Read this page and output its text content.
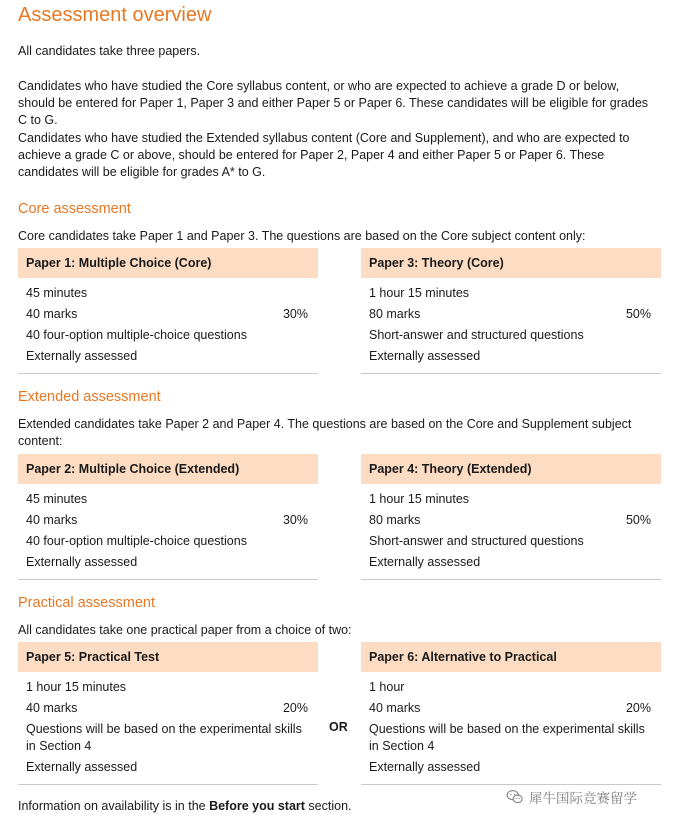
Assessment overview

All candidates take three papers.

Candidates who have studied the Core syllabus content, or who are expected to achieve a grade D or below, should be entered for Paper 1, Paper 3 and either Paper 5 or Paper 6. These candidates will be eligible for grades C to G.

Candidates who have studied the Extended syllabus content (Core and Supplement), and who are expected to achieve a grade C or above, should be entered for Paper 2, Paper 4 and either Paper 5 or Paper 6. These candidates will be eligible for grades A* to G.

Core assessment

Core candidates take Paper 1 and Paper 3. The questions are based on the Core subject content only:

Paper 1: Multiple Choice (Core)
45 minutes
40 marks	30%
40 four-option multiple-choice questions
Externally assessed
Paper 3: Theory (Core)
1 hour 15 minutes
80 marks	50%
Short-answer and structured questions
Externally assessed
Extended assessment

Extended candidates take Paper 2 and Paper 4. The questions are based on the Core and Supplement subject content:

Paper 2: Multiple Choice (Extended)
45 minutes
40 marks	30%
40 four-option multiple-choice questions
Externally assessed
Paper 4: Theory (Extended)
1 hour 15 minutes
80 marks	50%
Short-answer and structured questions
Externally assessed
Practical assessment

All candidates take one practical paper from a choice of two:

Paper 5: Practical Test
1 hour 15 minutes
40 marks	20%
Questions will be based on the experimental skills in Section 4
Externally assessed
OR
Paper 6: Alternative to Practical
1 hour
40 marks	20%
Questions will be based on the experimental skills in Section 4
Externally assessed

Information on availability is in the Before you start section.	犀牛国际竞赛留学
